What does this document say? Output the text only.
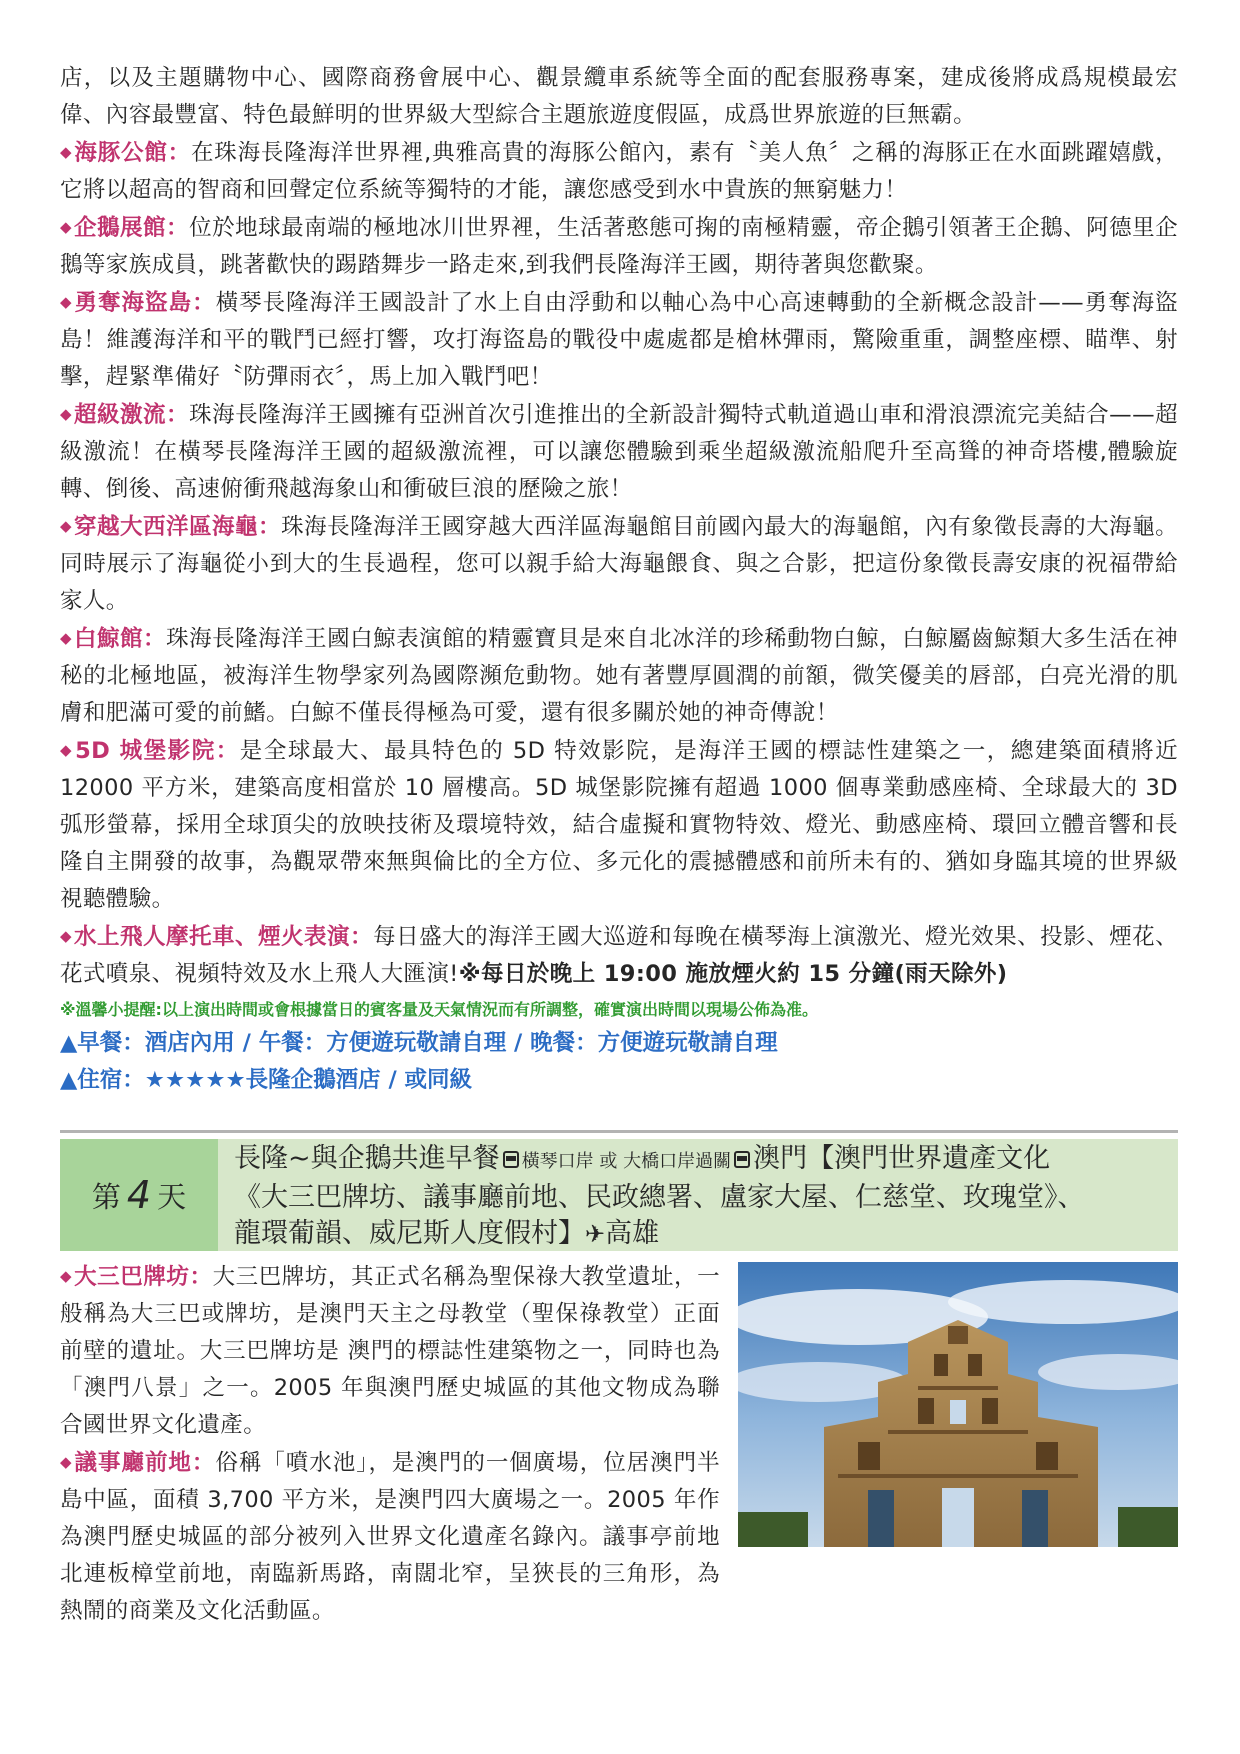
店，以及主題購物中心、國際商務會展中心、觀景纜車系統等全面的配套服務專案，建成後將成爲規模最宏偉、內容最豐富、特色最鮮明的世界級大型綜合主題旅遊度假區，成爲世界旅遊的巨無霸。

◆海豚公館：在珠海長隆海洋世界裡,典雅高貴的海豚公館內，素有〝美人魚〞之稱的海豚正在水面跳躍嬉戲，它將以超高的智商和回聲定位系統等獨特的才能，讓您感受到水中貴族的無窮魅力！

◆企鵝展館：位於地球最南端的極地冰川世界裡，生活著憨態可掬的南極精靈，帝企鵝引領著王企鵝、阿德里企鵝等家族成員，跳著歡快的踢踏舞步一路走來,到我們長隆海洋王國，期待著與您歡聚。

◆勇奪海盜島：橫琴長隆海洋王國設計了水上自由浮動和以軸心為中心高速轉動的全新概念設計——勇奪海盜島！維護海洋和平的戰鬥已經打響，攻打海盜島的戰役中處處都是槍林彈雨，驚險重重，調整座標、瞄準、射擊，趕緊準備好〝防彈雨衣〞，馬上加入戰鬥吧！

◆超級激流：珠海長隆海洋王國擁有亞洲首次引進推出的全新設計獨特式軌道過山車和滑浪漂流完美結合——超級激流！在橫琴長隆海洋王國的超級激流裡，可以讓您體驗到乘坐超級激流船爬升至高聳的神奇塔樓,體驗旋轉、倒後、高速俯衝飛越海象山和衝破巨浪的歷險之旅！

◆穿越大西洋區海龜：珠海長隆海洋王國穿越大西洋區海龜館目前國內最大的海龜館，內有象徵長壽的大海龜。同時展示了海龜從小到大的生長過程，您可以親手給大海龜餵食、與之合影，把這份象徵長壽安康的祝福帶給家人。

◆白鯨館：珠海長隆海洋王國白鯨表演館的精靈寶貝是來自北冰洋的珍稀動物白鯨，白鯨屬齒鯨類大多生活在神秘的北極地區，被海洋生物學家列為國際瀕危動物。她有著豐厚圓潤的前額，微笑優美的唇部，白亮光滑的肌膚和肥滿可愛的前鰭。白鯨不僅長得極為可愛，還有很多關於她的神奇傳說！

◆5D 城堡影院：是全球最大、最具特色的 5D 特效影院，是海洋王國的標誌性建築之一，總建築面積將近 12000 平方米，建築高度相當於 10 層樓高。5D 城堡影院擁有超過 1000 個專業動感座椅、全球最大的 3D 弧形螢幕，採用全球頂尖的放映技術及環境特效，結合虛擬和實物特效、燈光、動感座椅、環回立體音響和長隆自主開發的故事，為觀眾帶來無與倫比的全方位、多元化的震撼體感和前所未有的、猶如身臨其境的世界級視聽體驗。

◆水上飛人摩托車、煙火表演：每日盛大的海洋王國大巡遊和每晚在橫琴海上演激光、燈光效果、投影、煙花、花式噴泉、視頻特效及水上飛人大匯演!※每日於晚上 19:00 施放煙火約 15 分鐘(雨天除外)

※溫馨小提醒:以上演出時間或會根據當日的賓客量及天氣情況而有所調整，確實演出時間以現場公佈為准。
▲早餐：酒店內用 / 午餐：方便遊玩敬請自理 / 晚餐：方便遊玩敬請自理
▲住宿：★★★★★長隆企鵝酒店 / 或同級
第 4 天
長隆~與企鵝共進早餐 橫琴口岸 或 大橋口岸過關 澳門【澳門世界遺產文化
《大三巴牌坊、議事廳前地、民政總署、盧家大屋、仁慈堂、玫瑰堂》、
龍環葡韻、威尼斯人度假村】✈高雄

◆大三巴牌坊：大三巴牌坊，其正式名稱為聖保祿大教堂遺址，一般稱為大三巴或牌坊，是澳門天主之母教堂（聖保祿教堂）正面前壁的遺址。大三巴牌坊是 澳門的標誌性建築物之一，同時也為「澳門八景」之一。2005 年與澳門歷史城區的其他文物成為聯合國世界文化遺產。

◆議事廳前地：俗稱「噴水池」，是澳門的一個廣場，位居澳門半島中區，面積 3,700 平方米，是澳門四大廣場之一。2005 年作為澳門歷史城區的部分被列入世界文化遺產名錄內。議事亭前地北連板樟堂前地，南臨新馬路，南闊北窄，呈狹長的三角形，為熱鬧的商業及文化活動區。
